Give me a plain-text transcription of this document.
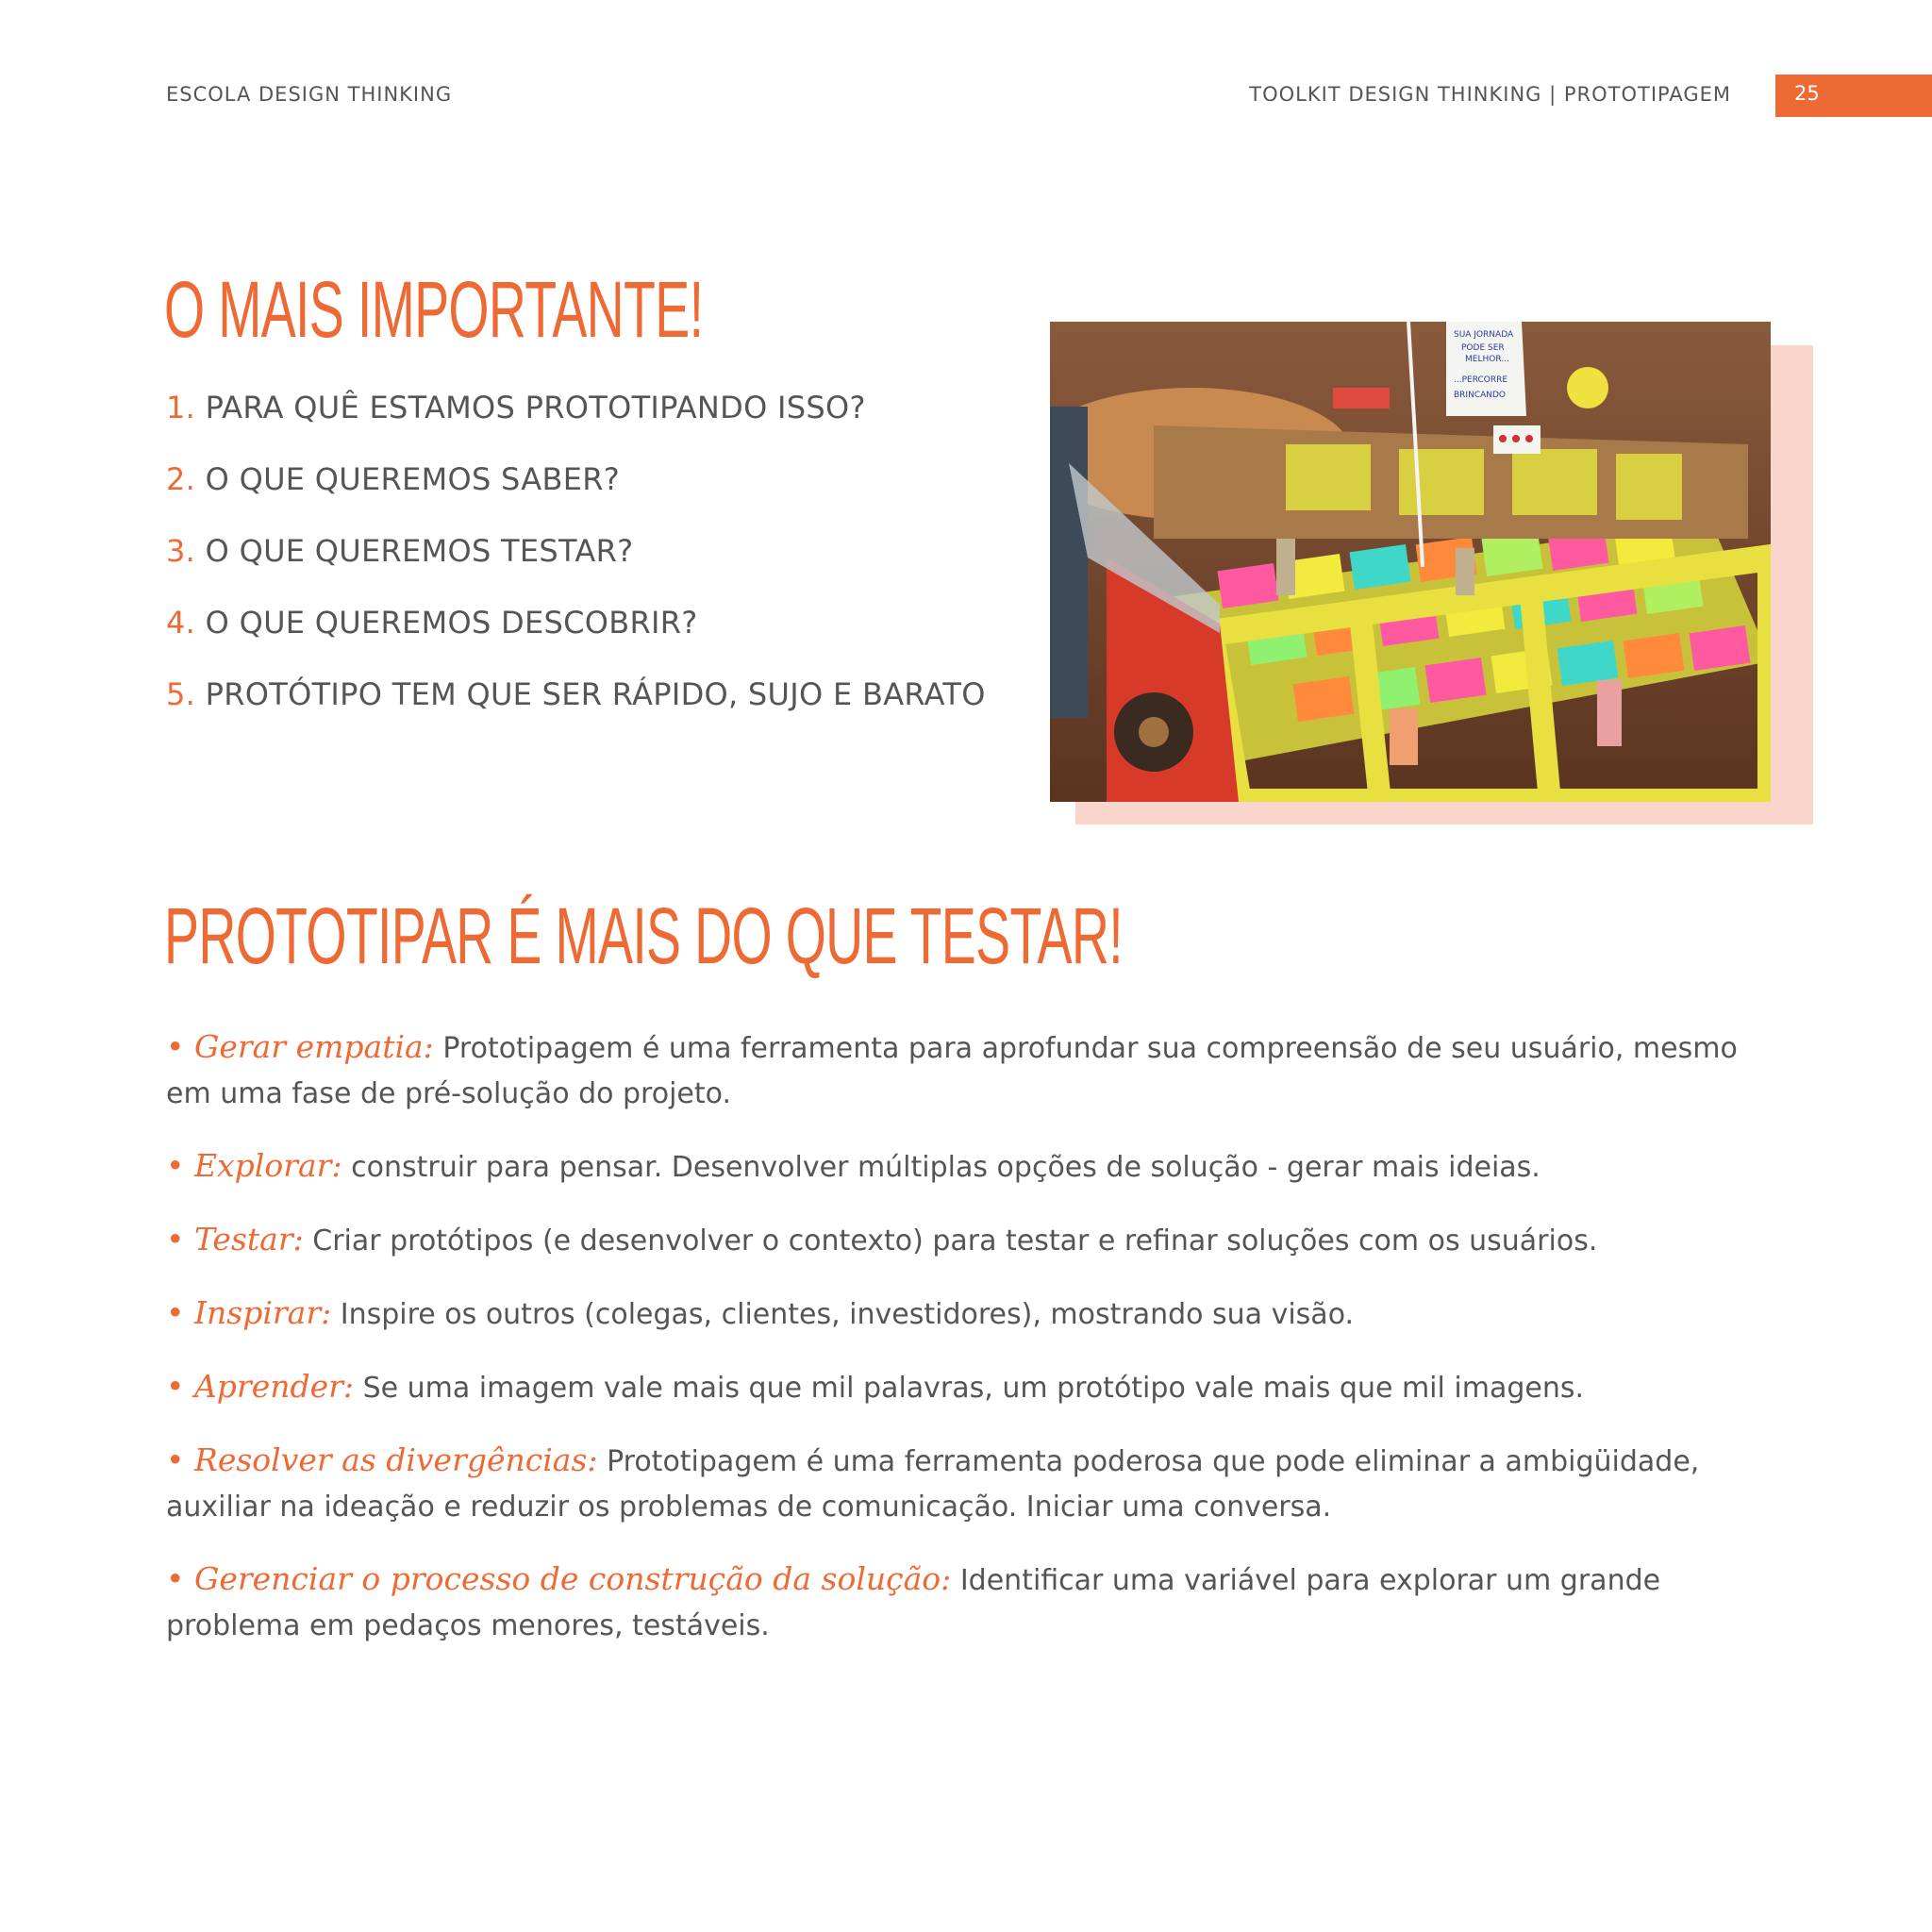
ESCOLA DESIGN THINKING	TOOLKIT DESIGN THINKING | PROTOTIPAGEM	25
O MAIS IMPORTANTE!
1. PARA QUÊ ESTAMOS PROTOTIPANDO ISSO?
2. O QUE QUEREMOS SABER?
3. O QUE QUEREMOS TESTAR?
4. O QUE QUEREMOS DESCOBRIR?
5. PROTÓTIPO TEM QUE SER RÁPIDO, SUJO E BARATO
SUA JORNADA
PODE SER
MELHOR...
...PERCORRE
BRINCANDO
PROTOTIPAR É MAIS DO QUE TESTAR!
• Gerar empatia: Prototipagem é uma ferramenta para aprofundar sua compreensão de seu usuário, mesmo em uma fase de pré-solução do projeto.
• Explorar: construir para pensar. Desenvolver múltiplas opções de solução - gerar mais ideias.
• Testar: Criar protótipos (e desenvolver o contexto) para testar e refinar soluções com os usuários.
• Inspirar: Inspire os outros (colegas, clientes, investidores), mostrando sua visão.
• Aprender: Se uma imagem vale mais que mil palavras, um protótipo vale mais que mil imagens.
• Resolver as divergências: Prototipagem é uma ferramenta poderosa que pode eliminar a ambigüidade, auxiliar na ideação e reduzir os problemas de comunicação. Iniciar uma conversa.
• Gerenciar o processo de construção da solução: Identificar uma variável para explorar um grande problema em pedaços menores, testáveis.
